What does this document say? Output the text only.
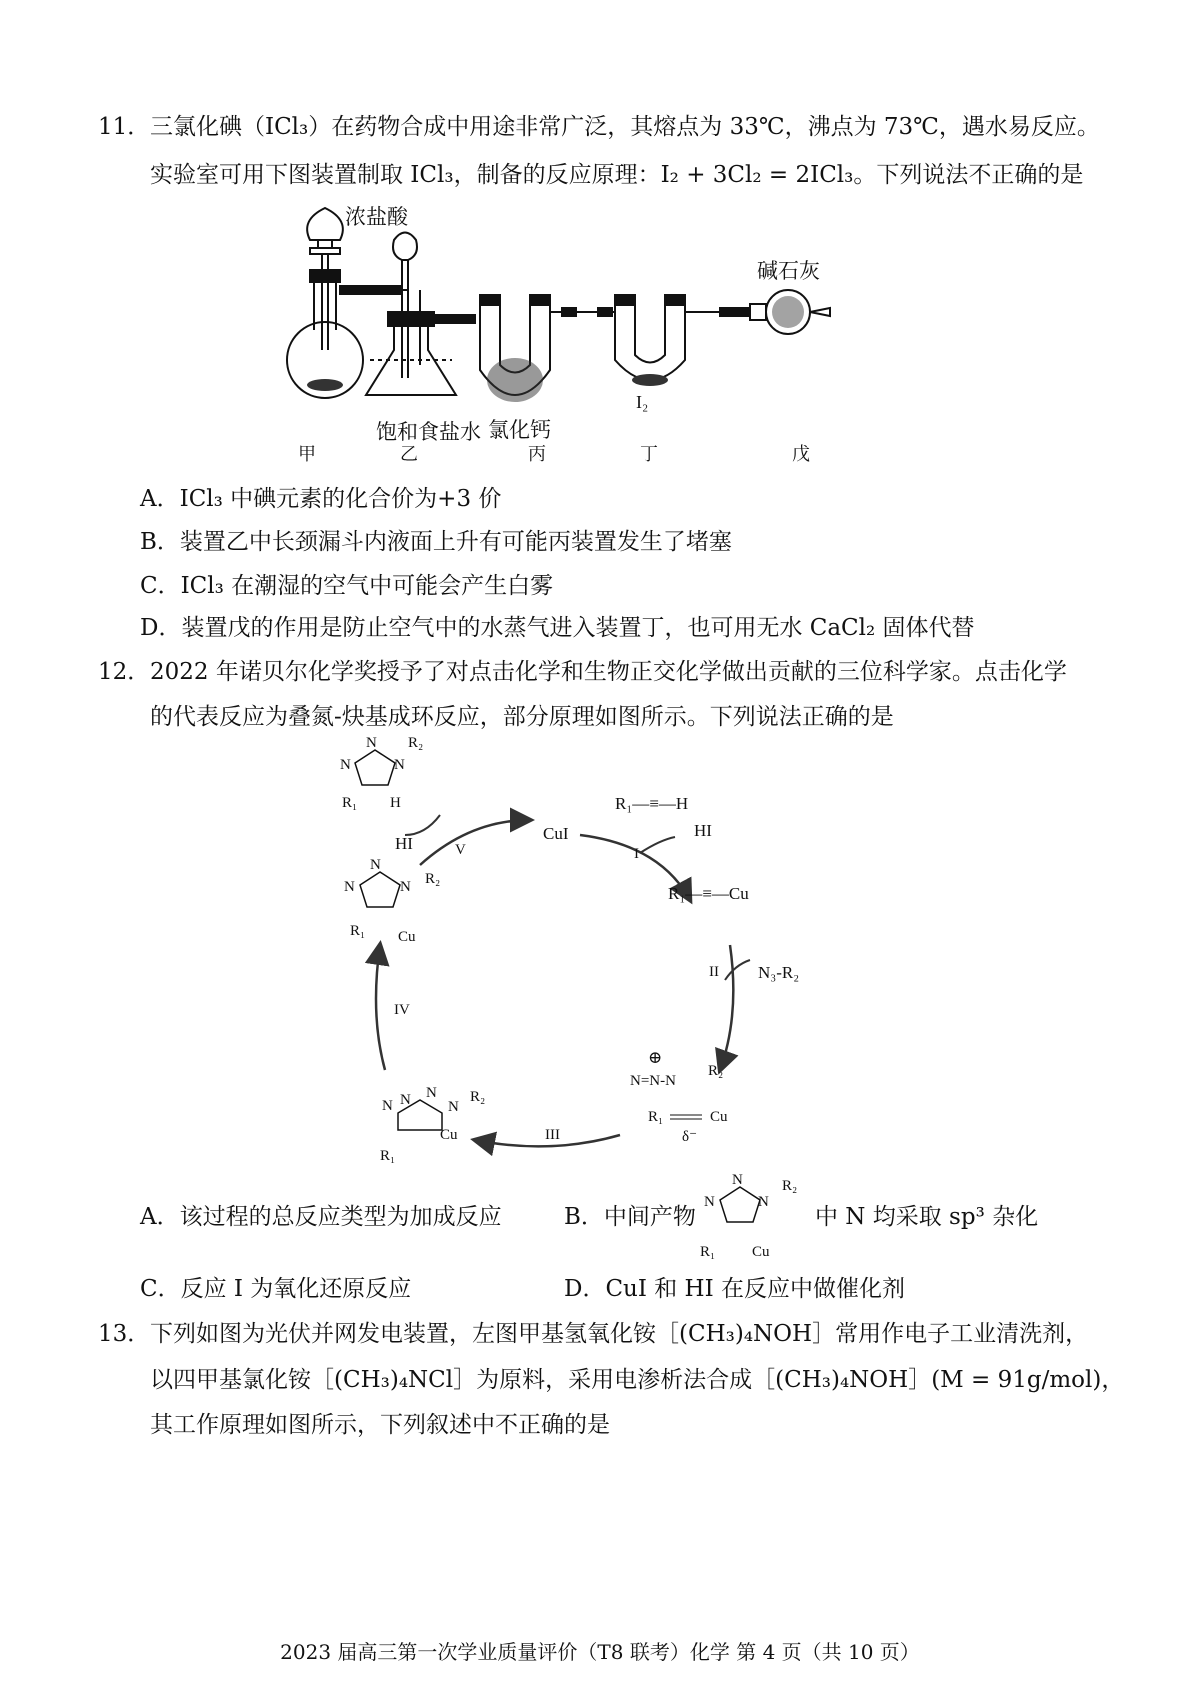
11． 三氯化碘（ICl₃）在药物合成中用途非常广泛，其熔点为 33℃，沸点为 73℃，遇水易反应。
实验室可用下图装置制取 ICl₃，制备的反应原理：I₂ + 3Cl₂ = 2ICl₃。下列说法不正确的是
浓盐酸
碱石灰
饱和食盐水 氯化钙
I₂
甲	乙	丙	丁	戊
A．ICl₃ 中碘元素的化合价为+3 价
B．装置乙中长颈漏斗内液面上升有可能丙装置发生了堵塞
C．ICl₃ 在潮湿的空气中可能会产生白雾
D．装置戊的作用是防止空气中的水蒸气进入装置丁，也可用无水 CaCl₂ 固体代替
12． 2022 年诺贝尔化学奖授予了对点击化学和生物正交化学做出贡献的三位科学家。点击化学
的代表反应为叠氮-炔基成环反应，部分原理如图所示。下列说法正确的是
N
N
N
R₂
R₁ H
N
N
N R₂
R₁ Cu
N N
N
R₂
R₁
Cu
N
N=N-N
⊕
R₂
R₁	Cu
δ⁻
CuI
R₁—≡—H
HI
HI
R₁—≡—Cu
N₃-R₂
I
II
III
IV
V
A．该过程的总反应类型为加成反应	B．中间产物
N
N
N
R₂
R₁ Cu
中 N 均采取 sp³ 杂化
C．反应 I 为氧化还原反应	D．CuI 和 HI 在反应中做催化剂
13． 下列如图为光伏并网发电装置，左图甲基氢氧化铵［(CH₃)₄NOH］常用作电子工业清洗剂，
以四甲基氯化铵［(CH₃)₄NCl］为原料，采用电渗析法合成［(CH₃)₄NOH］(M = 91g/mol)，
其工作原理如图所示，下列叙述中不正确的是
2023 届高三第一次学业质量评价（T8 联考）化学 第 4 页（共 10 页）
